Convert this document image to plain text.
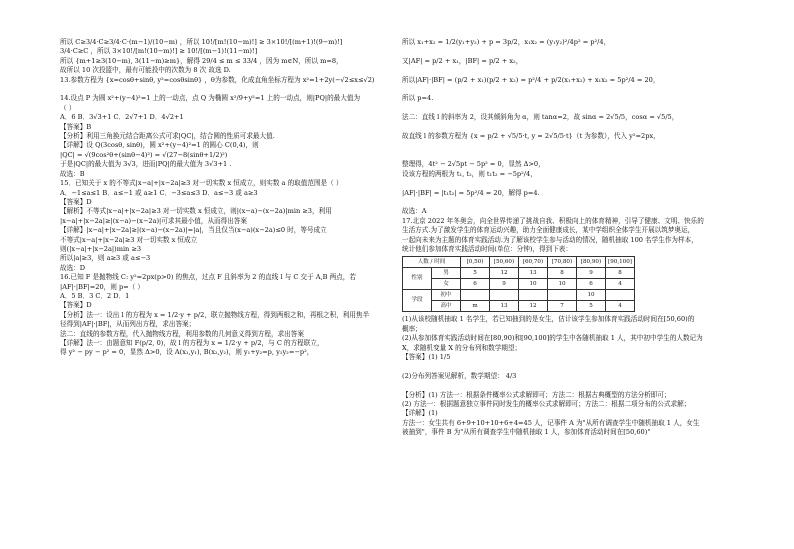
所以 C≥3/4·C≥3/4·C·(m−1)/(10−m) ，所以 10!/[m!(10−m)!] ≥ 3×10!/[(m+1)!(9−m)!]
3/4·C≥C ，所以 3×10!/[m!(10−m)!] ≥ 10!/[(m−1)!(11−m)!]
所以 {m+1≥3(10−m), 3(11−m)≥m}，解得 29/4 ≤ m ≤ 33/4 ，因为 m∈N，所以 m=8，
故所以 10 次投篮中，最有可能投中的次数为 8 次 故选 D.
13.参数方程为 {x=cosθ+sinθ, y²=cosθsinθ} ，θ为参数，化成直角坐标方程为 x²=1+2y(−√2≤x≤√2)

14.设点 P 为圆 x²+(y−4)²=1 上的一动点，点 Q 为椭圆 x²/9+y²=1 上的一动点，则|PQ|的最大值为
（ ）
A．6 B．3√3+1 C．2√7+1 D．4√2+1
【答案】B
【分析】利用三角换元结合距离公式可求|QC|，结合圆的性质可求最大值.
【详解】设 Q(3cosθ, sinθ)，圆 x²+(y−4)²=1 的圆心 C(0,4)，则
|QC| = √(9cos²θ+(sinθ−4)²) = √(27−8(sinθ+1/2)²)
于是|QC|的最大值为 3√3，进而|PQ|的最大值为 3√3+1 .
故选：B
15．已知关于 x 的不等式|x−a|+|x−2a|≥3 对一切实数 x 恒成立，则实数 a 的取值范围是（ ）
A．−1≤a≤1 B．a≤−1 或 a≥1 C．−3≤a≤3 D．a≤−3 或 a≥3
【答案】D
【解析】不等式|x−a|+|x−2a|≥3 对一切实数 x 恒成立，则|(x−a)−(x−2a)|min ≥3，利用
|x−a|+|x−2a|≥|(x−a)−(x−2a)|可求其最小值，从而得出答案
【详解】|x−a|+|x−2a|≥|(x−a)−(x−2a)|=|a|，当且仅当(x−a)(x−2a)≤0 时，等号成立
不等式|x−a|+|x−2a|≥3 对一切实数 x 恒成立
则(|x−a|+|x−2a|)min ≥3
所以|a|≥3，则 a≥3 或 a≤−3
故选：D
16.已知 F 是抛物线 C: y²=2px(p>0) 的焦点，过点 F 且斜率为 2 的直线 l 与 C 交于 A,B 两点，若
|AF|·|BF|=20，则 p=（ ）
A．5 B．3 C．2 D．1
【答案】D
【分析】法一：设出 l 的方程为 x = 1/2·y + p/2，联立抛物线方程，得到两根之和，再根之积，利用焦半
径得到|AF|·|BF|，从而列出方程，求出答案；
法二：直线的参数方程，代入抛物线方程，利用参数的几何意义得到方程，求出答案
【详解】法一：由题意知 F(p/2, 0)，故 l 的方程为 x = 1/2·y + p/2，与 C 的方程联立，
得 y² − py − p² = 0，显然 Δ>0，设 A(x₁,y₁), B(x₂,y₂)，则 y₁+y₂=p, y₁y₂=−p²，
所以 x₁+x₂ = 1/2(y₁+y₂) + p = 3p/2，x₁x₂ = (y₁y₂)²/4p² = p²/4，

又|AF| = p/2 + x₁，|BF| = p/2 + x₂，

所以|AF|·|BF| = (p/2 + x₁)(p/2 + x₂) = p²/4 + p/2(x₁+x₂) + x₁x₂ = 5p²/4 = 20，

所以 p=4.

法二：直线 l 的斜率为 2，设其倾斜角为 α，则 tanα=2，故 sinα = 2√5/5，cosα = √5/5，

故直线 l 的参数方程为 {x = p/2 + √5/5·t, y = 2√5/5·t}（t 为参数），代入 y²=2px，

整理得，4t² − 2√5pt − 5p² = 0，显然 Δ>0，
设该方程的两根为 t₁, t₂，则 t₁t₂ = −5p²/4，

|AF|·|BF| = |t₁t₂| = 5p²/4 = 20，解得 p=4.

故选：A
17.北京 2022 年冬奥会，向全世界传递了挑战自我、积极向上的体育精神，引导了健康、文明、快乐的
生活方式.为了激发学生的体育运动兴趣，助力全面健康成长，某中学组织全体学生开展以筑梦奥运，
一起向未来为主题的体育实践活动.为了解该校学生参与活动的情况，随机抽取 100 名学生作为样本，
统计他们参加体育实践活动时间(单位：分钟)，得到下表：
人数 / 时间		[0,50)	[50,60)	[60,70)	[70,80)	[80,90)	[90,100]
性别	男	5	12	13	8	9	8
	女	6	9	10	10	6	4
学段	初中					10	
	高中	m	13	12	7	5	4
(1)从该校随机抽取 1 名学生，若已知抽到的是女生，估计该学生参加体育实践活动时间在[50,60)的
概率；
(2)从参加体育实践活动时间在[80,90)和[90,100]的学生中各随机抽取 1 人，其中初中学生的人数记为
X，求随机变量 X 的分布列和数学期望；
【答案】(1) 1/5

(2)分布列答案见解析，数学期望： 4/3

【分析】(1) 方法一：根据条件概率公式求解即可；方法二：根据古典概型的方法分析即可；
(2) 方法一：根据题意独立事件同时发生的概率公式求解即可；方法二：根据二项分布的公式求解；
【详解】(1)
方法一：女生共有 6+9+10+10+6+4=45 人，记事件 A 为"从所有调查学生中随机抽取 1 人，女生
被抽到"，事件 B 为"从所有调查学生中随机抽取 1 人，参加体育活动时间在[50,60)"
